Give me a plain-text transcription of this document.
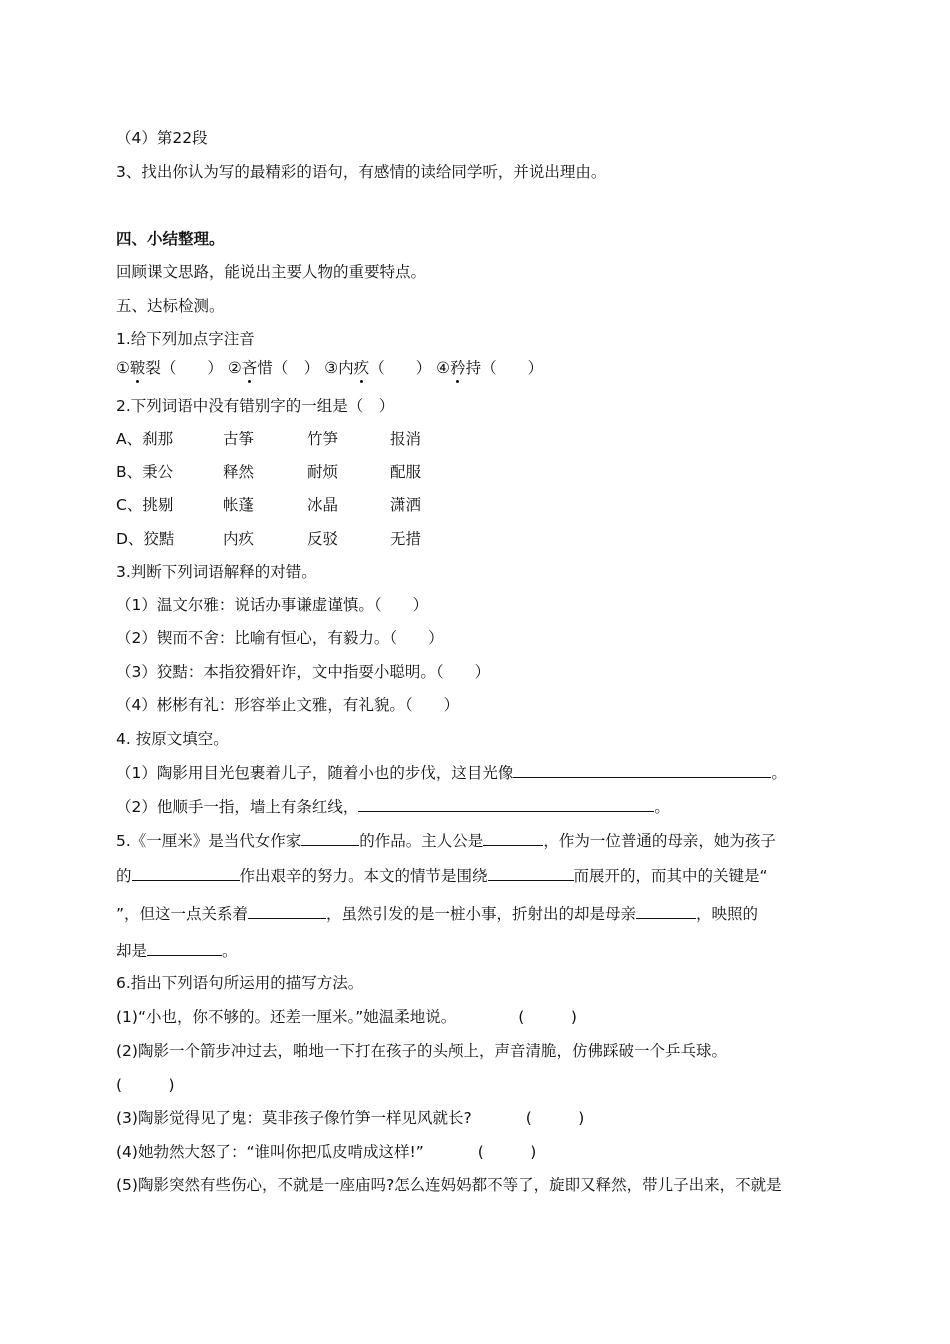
（4）第22段
3、找出你认为写的最精彩的语句，有感情的读给同学听，并说出理由。
四、小结整理。
回顾课文思路，能说出主要人物的重要特点。
五、达标检测。
1.给下列加点字注音
①皲裂（　　） ②吝惜（　） ③内疚（　　） ④矜持（　　）
2.下列词语中没有错别字的一组是（　）
A、刹那	古筝	竹笋	报消
B、秉公	释然	耐烦	配服
C、挑剔	帐蓬	冰晶	潇洒
D、狡黠	内疚	反驳	无措
3.判断下列词语解释的对错。
（1）温文尔雅：说话办事谦虚谨慎。（　　）
（2）锲而不舍：比喻有恒心，有毅力。（　　）
（3）狡黠：本指狡猾奸诈，文中指耍小聪明。（　　）
（4）彬彬有礼：形容举止文雅，有礼貌。（　　）
4. 按原文填空。
（1）陶影用目光包裹着儿子，随着小也的步伐，这目光像	。
（2）他顺手一指，墙上有条红线，	。
5.《一厘米》是当代女作家	的作品。主人公是	，作为一位普通的母亲，她为孩子
的	作出艰辛的努力。本文的情节是围绕	而展开的，而其中的关键是“
”，但这一点关系着	，虽然引发的是一桩小事，折射出的却是母亲	，映照的
却是	。
6.指出下列语句所运用的描写方法。
(1)“小也，你不够的。还差一厘米。”她温柔地说。	(　　　)
(2)陶影一个箭步冲过去，啪地一下打在孩子的头颅上，声音清脆，仿佛踩破一个乒乓球。
(　　　)
(3)陶影觉得见了鬼：莫非孩子像竹笋一样见风就长?	(　　　)
(4)她勃然大怒了：“谁叫你把瓜皮啃成这样!”	(　　　)
(5)陶影突然有些伤心，不就是一座庙吗?怎么连妈妈都不等了，旋即又释然，带儿子出来，不就是
